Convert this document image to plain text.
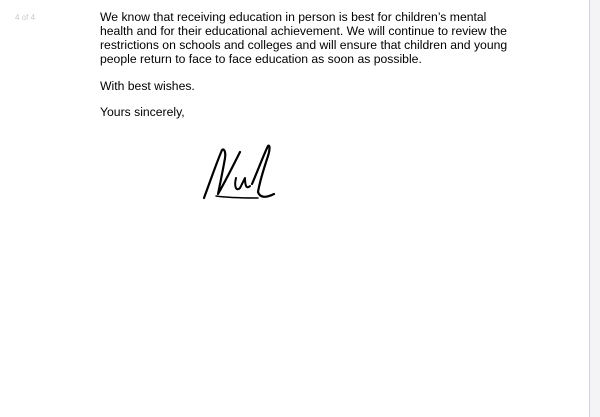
4 of 4	We know that receiving education in person is best for children’s mental health and for their educational achievement. We will continue to review the restrictions on schools and colleges and will ensure that children and young people return to face to face education as soon as possible.

With best wishes.

Yours sincerely,
